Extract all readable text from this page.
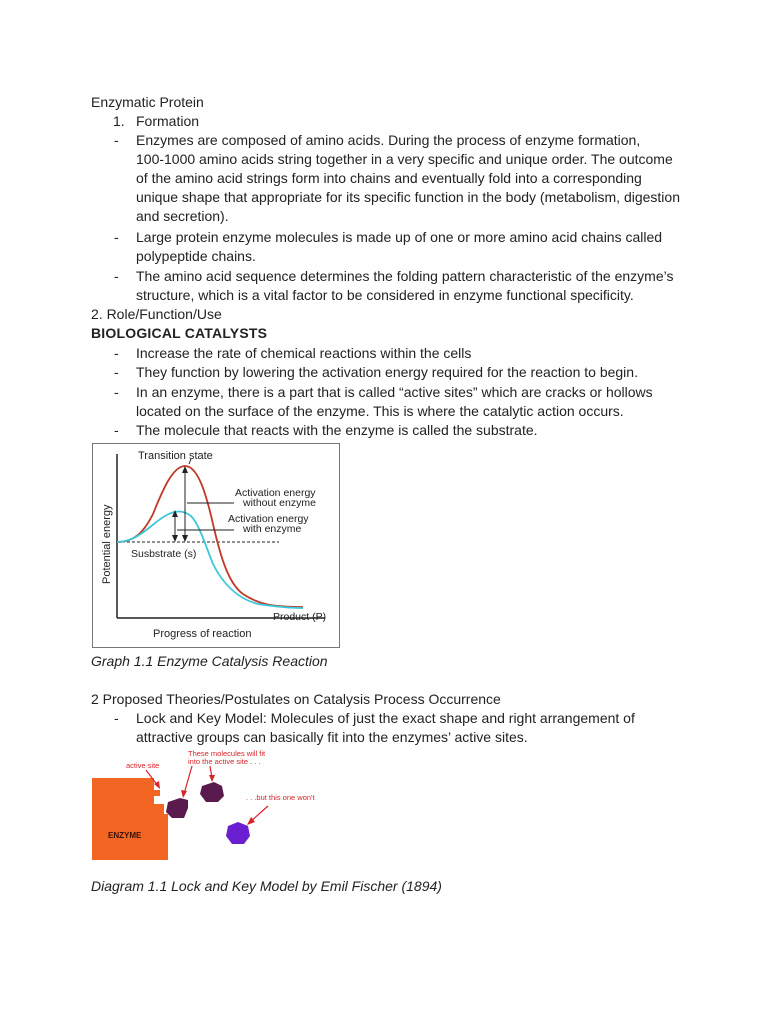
Enzymatic Protein
1. Formation
-	Enzymes are composed of amino acids. During the process of enzyme formation,
100-1000 amino acids string together in a very specific and unique order. The outcome
of the amino acid strings form into chains and eventually fold into a corresponding
unique shape that appropriate for its specific function in the body (metabolism, digestion
and secretion).
-	Large protein enzyme molecules is made up of one or more amino acid chains called
polypeptide chains.
-	The amino acid sequence determines the folding pattern characteristic of the enzyme’s
structure, which is a vital factor to be considered in enzyme functional specificity.
2. Role/Function/Use
BIOLOGICAL CATALYSTS
-	Increase the rate of chemical reactions within the cells
-	They function by lowering the activation energy required for the reaction to begin.
-	In an enzyme, there is a part that is called “active sites” which are cracks or hollows
located on the surface of the enzyme. This is where the catalytic action occurs.
-	The molecule that reacts with the enzyme is called the substrate.
Transition state
Activation energy
without enzyme
Activation energy
with enzyme
Susbstrate (s)
Product (P)
Progress of reaction
Potential energy
Graph 1.1 Enzyme Catalysis Reaction
2 Proposed Theories/Postulates on Catalysis Process Occurrence
-	Lock and Key Model: Molecules of just the exact shape and right arrangement of
attractive groups can basically fit into the enzymes’ active sites.
ENZYME
active site
These molecules will fit
into the active site . . .
. . .but this one won't
Diagram 1.1 Lock and Key Model by Emil Fischer (1894)
